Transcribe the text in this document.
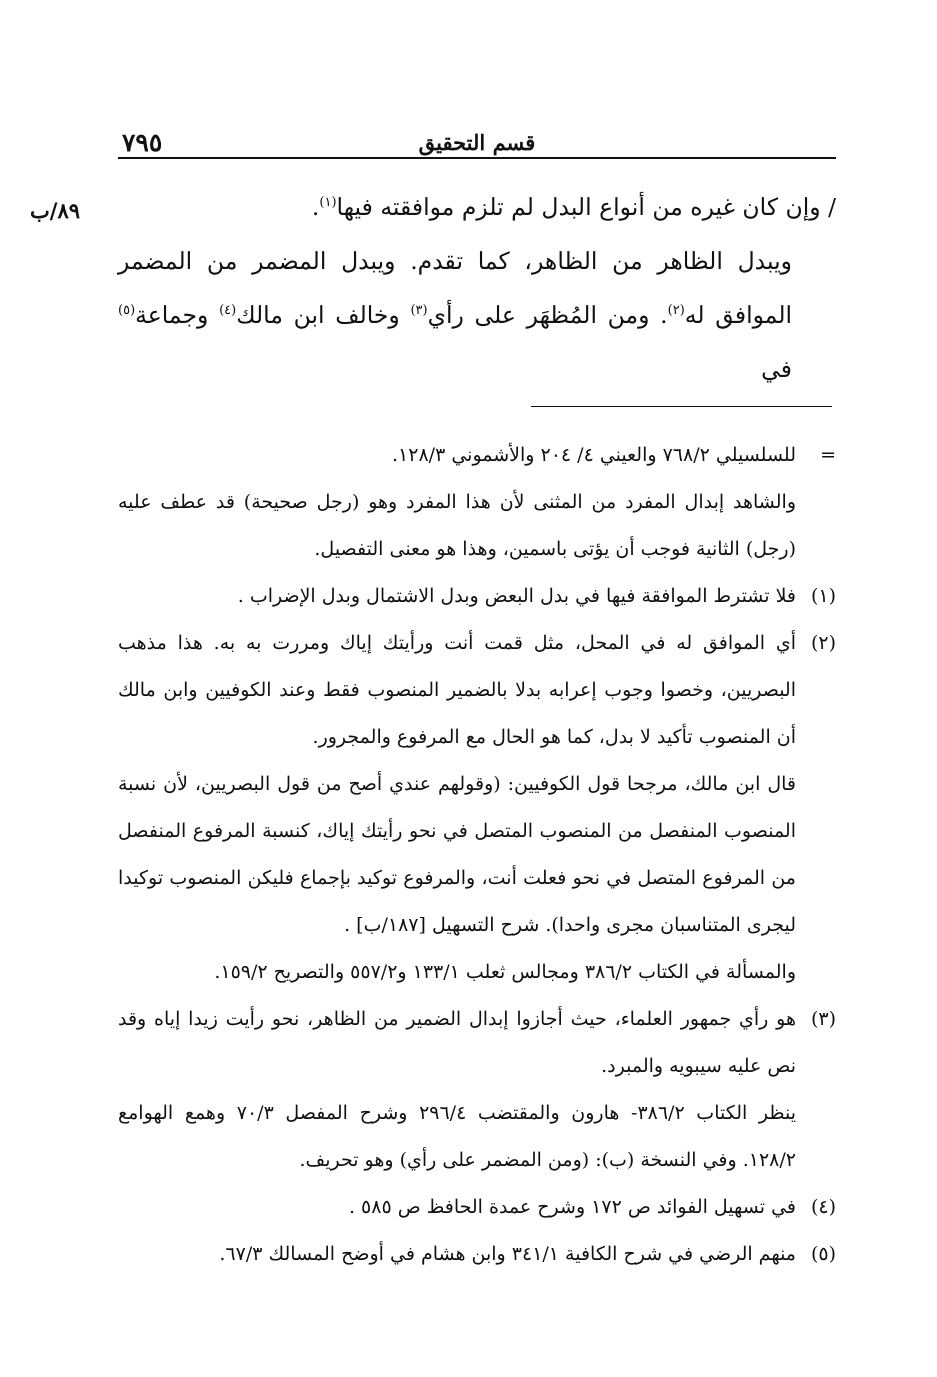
قسم التحقيق
٧٩٥
٨٩/ب	/ وإن كان غيره من أنواع البدل لم تلزم موافقته فيها$^{(١)}$.

ويبدل الظاهر من الظاهر، كما تقدم. ويبدل المضمر من المضمر الموافق له$^{(٢)}$. ومن المُظهَر على رأي$^{(٣)}$ وخالف ابن مالك$^{(٤)}$ وجماعة$^{(٥)}$ في

=للسلسيلي ٧٦٨/٢ والعيني ٤/ ٢٠٤ والأشموني ١٢٨/٣.

والشاهد إبدال المفرد من المثنى لأن هذا المفرد وهو (رجل صحيحة) قد عطف عليه (رجل) الثانية فوجب أن يؤتى باسمين، وهذا هو معنى التفصيل.

(١)فلا تشترط الموافقة فيها في بدل البعض وبدل الاشتمال وبدل الإضراب .

(٢)أي الموافق له في المحل، مثل قمت أنت ورأيتك إياك ومررت به به. هذا مذهب البصريين، وخصوا وجوب إعرابه بدلا بالضمير المنصوب فقط وعند الكوفيين وابن مالك أن المنصوب تأكيد لا بدل، كما هو الحال مع المرفوع والمجرور.

قال ابن مالك، مرجحا قول الكوفيين: (وقولهم عندي أصح من قول البصريين، لأن نسبة المنصوب المنفصل من المنصوب المتصل في نحو رأيتك إياك، كنسبة المرفوع المنفصل من المرفوع المتصل في نحو فعلت أنت، والمرفوع توكيد بإجماع فليكن المنصوب توكيدا ليجرى المتناسبان مجرى واحدا). شرح التسهيل [١٨٧/ب] .

والمسألة في الكتاب ٣٨٦/٢ ومجالس ثعلب ١٣٣/١ و٥٥٧/٢ والتصريح ١٥٩/٢.

(٣)هو رأي جمهور العلماء، حيث أجازوا إبدال الضمير من الظاهر، نحو رأيت زيدا إياه وقد نص عليه سيبويه والمبرد.

ينظر الكتاب ٣٨٦/٢- هارون والمقتضب ٢٩٦/٤ وشرح المفصل ٧٠/٣ وهمع الهوامع ١٢٨/٢. وفي النسخة (ب): (ومن المضمر على رأي) وهو تحريف.

(٤)في تسهيل الفوائد ص ١٧٢ وشرح عمدة الحافظ ص ٥٨٥ .

(٥)منهم الرضي في شرح الكافية ٣٤١/١ وابن هشام في أوضح المسالك ٦٧/٣.
